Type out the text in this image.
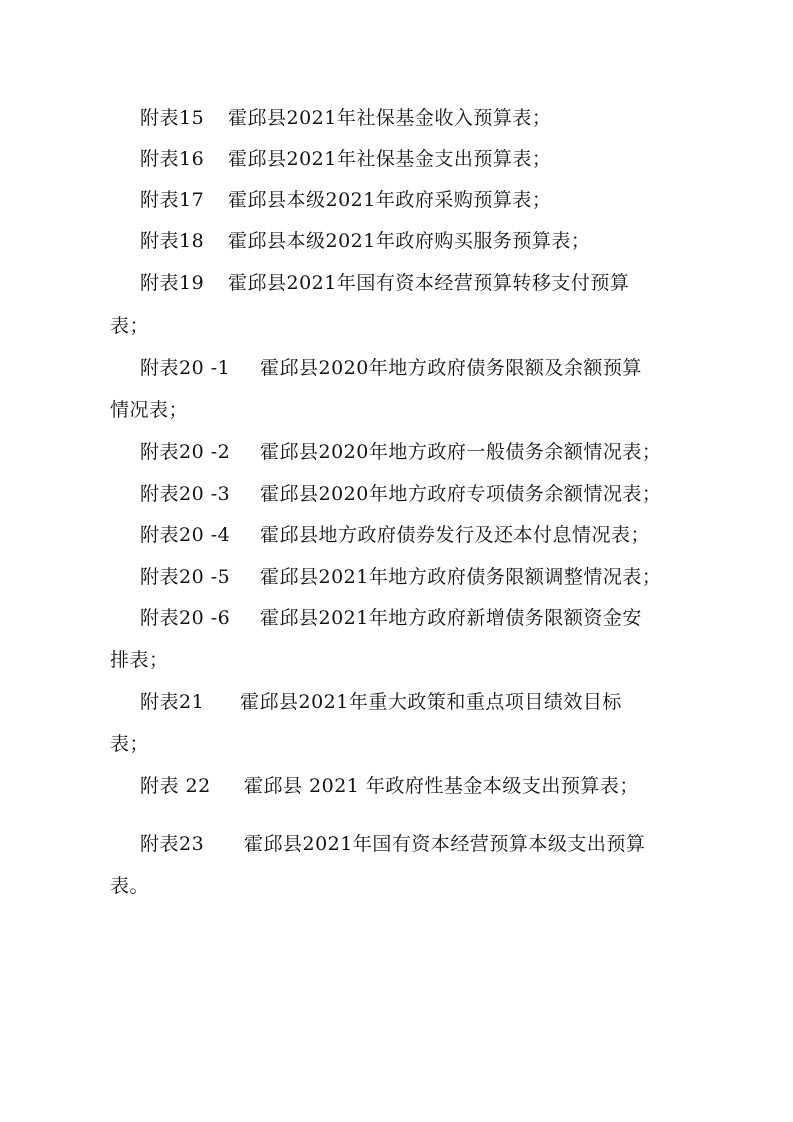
附表15 霍邱县2021年社保基金收入预算表；
附表16 霍邱县2021年社保基金支出预算表；
附表17 霍邱县本级2021年政府采购预算表；
附表18 霍邱县本级2021年政府购买服务预算表；
附表19 霍邱县2021年国有资本经营预算转移支付预算
表；
附表20 -1 霍邱县2020年地方政府债务限额及余额预算
情况表；
附表20 -2 霍邱县2020年地方政府一般债务余额情况表；
附表20 -3 霍邱县2020年地方政府专项债务余额情况表；
附表20 -4 霍邱县地方政府债券发行及还本付息情况表；
附表20 -5 霍邱县2021年地方政府债务限额调整情况表；
附表20 -6 霍邱县2021年地方政府新增债务限额资金安
排表；
附表21 霍邱县2021年重大政策和重点项目绩效目标
表；
附表 22 霍邱县 2021 年政府性基金本级支出预算表；
附表23 霍邱县2021年国有资本经营预算本级支出预算
表。
